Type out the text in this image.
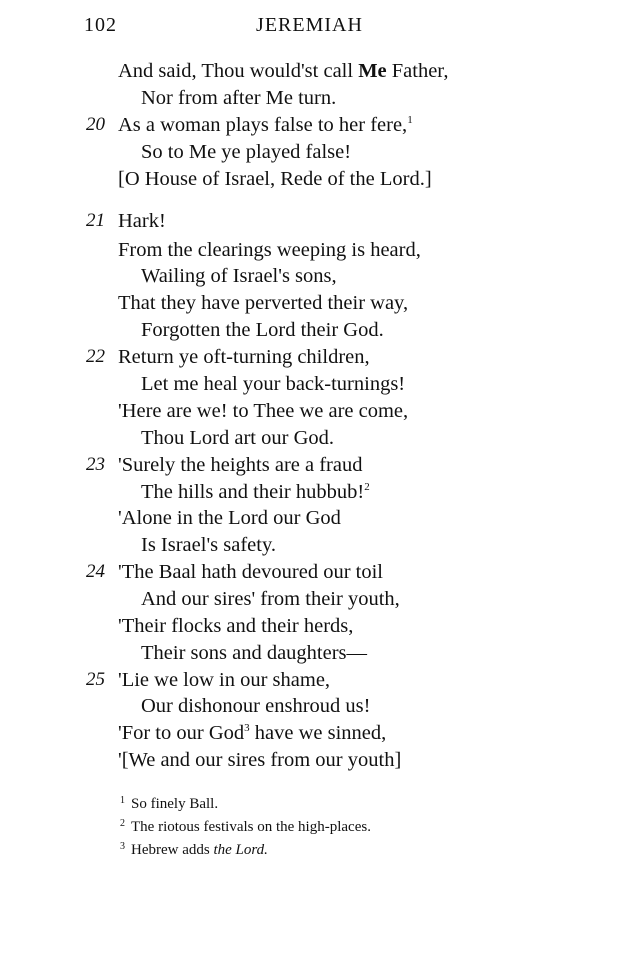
102	JEREMIAH
And said, Thou would'st call Me Father,
Nor from after Me turn.
20 As a woman plays false to her fere,$^1$
So to Me ye played false!
[O House of Israel, Rede of the Lord.]
21 Hark!
From the clearings weeping is heard,
Wailing of Israel's sons,
That they have perverted their way,
Forgotten the Lord their God.
22 Return ye oft-turning children,
Let me heal your back-turnings!
'Here are we! to Thee we are come,
Thou Lord art our God.
23 'Surely the heights are a fraud
The hills and their hubbub!$^2$
'Alone in the Lord our God
Is Israel's safety.
24 'The Baal hath devoured our toil
And our sires' from their youth,
'Their flocks and their herds,
Their sons and daughters—
25 'Lie we low in our shame,
Our dishonour enshroud us!
'For to our God$^3$ have we sinned,
'[We and our sires from our youth]
1 So finely Ball.
2 The riotous festivals on the high-places.
3 Hebrew adds the Lord.
